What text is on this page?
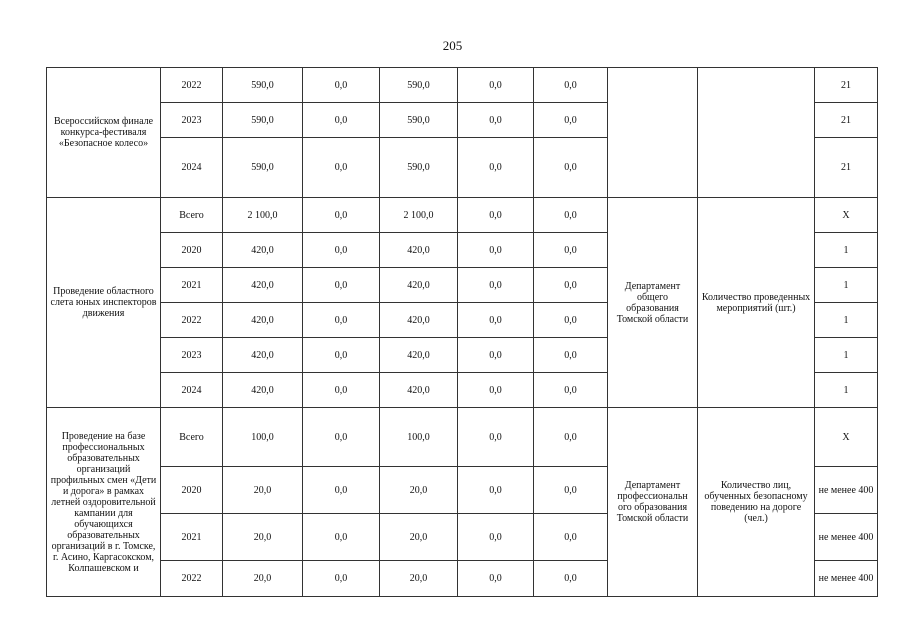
205
Всероссийском финале конкурса-фестиваля «Безопасное колесо»	2022	590,0	0,0	590,0	0,0	0,0			21
	2023	590,0	0,0	590,0	0,0	0,0			21
	2024	590,0	0,0	590,0	0,0	0,0			21
Проведение областного слета юных инспекторов движения	Всего	2 100,0	0,0	2 100,0	0,0	0,0	Департамент общего образования Томской области	Количество проведенных мероприятий (шт.)	X
	2020	420,0	0,0	420,0	0,0	0,0			1
	2021	420,0	0,0	420,0	0,0	0,0			1
	2022	420,0	0,0	420,0	0,0	0,0			1
	2023	420,0	0,0	420,0	0,0	0,0			1
	2024	420,0	0,0	420,0	0,0	0,0			1
Проведение на базе профессиональных образовательных организаций профильных смен «Дети и дорога» в рамках летней оздоровительной кампании для обучающихся образовательных организаций в г. Томске, г. Асино, Каргасокском, Колпашевском и	Всего	100,0	0,0	100,0	0,0	0,0	Департамент профессиональн ого образования Томской области	Количество лиц, обученных безопасному поведению на дороге (чел.)	X
	2020	20,0	0,0	20,0	0,0	0,0			не менее 400
	2021	20,0	0,0	20,0	0,0	0,0			не менее 400
	2022	20,0	0,0	20,0	0,0	0,0			не менее 400
